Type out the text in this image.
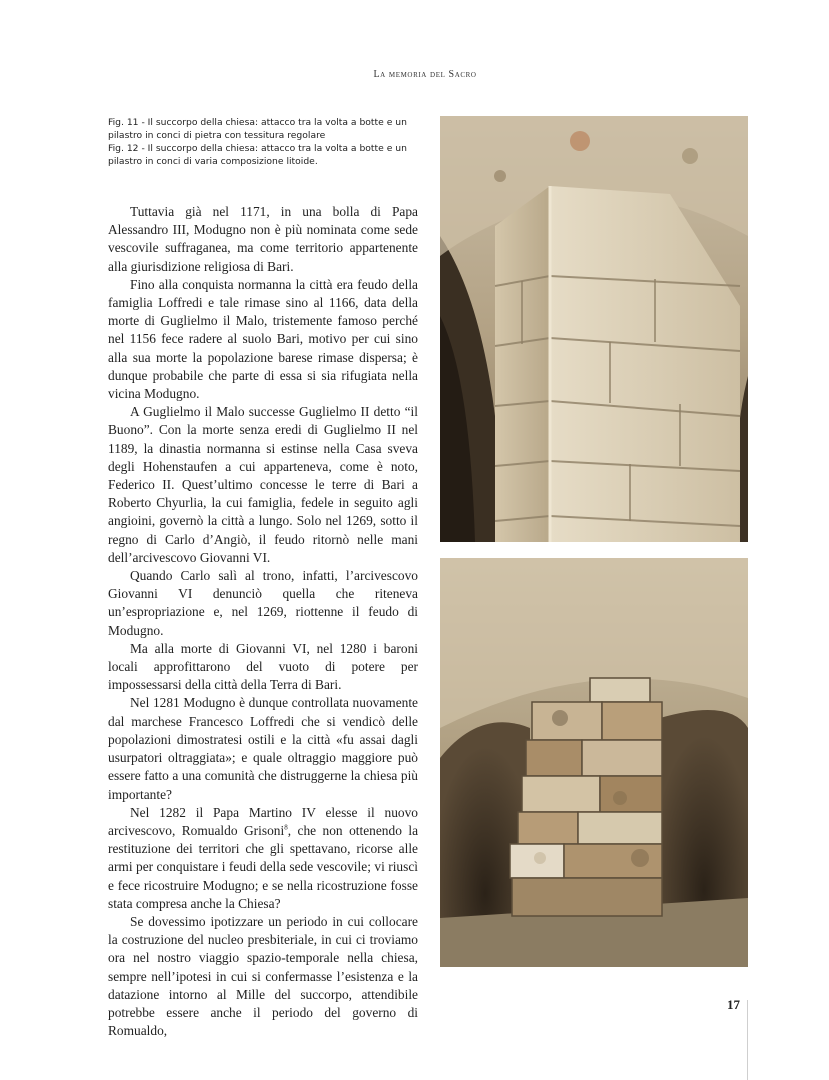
La memoria del Sacro
Fig. 11 - Il succorpo della chiesa: attacco tra la volta a botte e un
pilastro in conci di pietra con tessitura regolare
Fig. 12 - Il succorpo della chiesa: attacco tra la volta a botte e un
pilastro in conci di varia composizione litoide.

Tuttavia già nel 1171, in una bolla di Papa Alessandro III, Modugno non è più nominata come sede vescovile suffraganea, ma come territorio appartenente alla giurisdizione religiosa di Bari.

Fino alla conquista normanna la città era feudo della famiglia Loffredi e tale rimase sino al 1166, data della morte di Guglielmo il Malo, tristemente famoso perché nel 1156 fece radere al suolo Bari, motivo per cui sino alla sua morte la popolazione barese rimase dispersa; è dunque probabile che parte di essa si sia rifugiata nella vicina Modugno.

A Guglielmo il Malo successe Guglielmo II detto “il Buono”. Con la morte senza eredi di Guglielmo II nel 1189, la dinastia normanna si estinse nella Casa sveva degli Hohenstaufen a cui apparteneva, come è noto, Federico II. Quest’ultimo concesse le terre di Bari a Roberto Chyurlia, la cui famiglia, fedele in seguito agli angioini, governò la città a lungo. Solo nel 1269, sotto il regno di Carlo d’Angiò, il feudo ritornò nelle mani dell’arcivescovo Giovanni VI.

Quando Carlo salì al trono, infatti, l’arcivescovo Giovanni VI denunciò quella che riteneva un’espropriazione e, nel 1269, riottenne il feudo di Modugno.

Ma alla morte di Giovanni VI, nel 1280 i baroni locali approfittarono del vuoto di potere per impossessarsi della città della Terra di Bari.

Nel 1281 Modugno è dunque controllata nuovamente dal marchese Francesco Loffredi che si vendicò delle popolazioni dimostratesi ostili e la città «fu assai dagli usurpatori oltraggiata»; e quale oltraggio maggiore può essere fatto a una comunità che distruggerne la chiesa più importante?

Nel 1282 il Papa Martino IV elesse il nuovo arcivescovo, Romualdo Grisoni$^8$, che non ottenendo la restituzione dei territori che gli spettavano, ricorse alle armi per conquistare i feudi della sede vescovile; vi riuscì e fece ricostruire Modugno; e se nella ricostruzione fosse stata compresa anche la Chiesa?

Se dovessimo ipotizzare un periodo in cui collocare la costruzione del nucleo presbiteriale, in cui ci troviamo ora nel nostro viaggio spazio-temporale nella chiesa, sempre nell’ipotesi in cui si confermasse l’esistenza e la datazione intorno al Mille del succorpo, attendibile potrebbe essere anche il periodo del governo di Romualdo,

17
